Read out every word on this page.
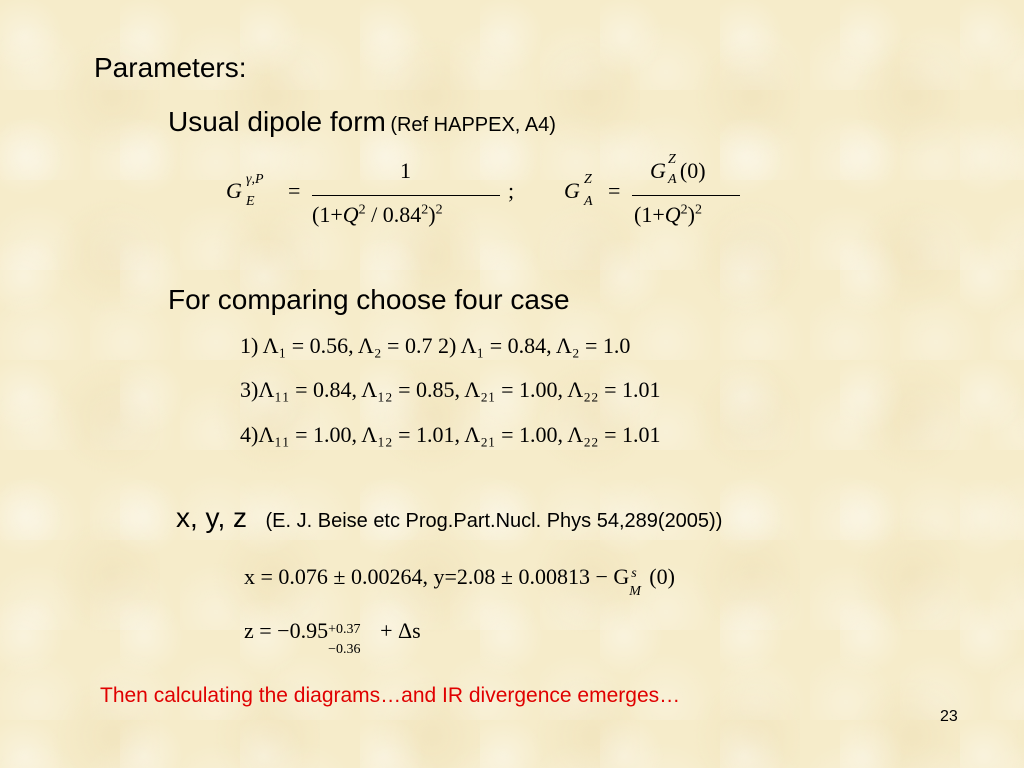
Parameters:
Usual dipole form (Ref HAPPEX, A4)
G γ,P
E =
1
$(1+Q^2 / 0.84^2)^2$
; G Z
A =
G Z
A (0)
$(1+Q^2)^2$
For comparing choose four case
1) Λ₁ = 0.56, Λ₂ = 0.7 2) Λ₁ = 0.84, Λ₂ = 1.0
3)Λ₁₁ = 0.84, Λ₁₂ = 0.85, Λ₂₁ = 1.00, Λ₂₂ = 1.01
4)Λ₁₁ = 1.00, Λ₁₂ = 1.01, Λ₂₁ = 1.00, Λ₂₂ = 1.01
x, y, z (E. J. Beise etc Prog.Part.Nucl. Phys 54,289(2005))
x = 0.076 ± 0.00264, y=2.08 ± 0.00813 − G s
M
(0)
z = −0.95 +0.37
−0.36
+ Δs
Then calculating the diagrams…and IR divergence emerges…
23
